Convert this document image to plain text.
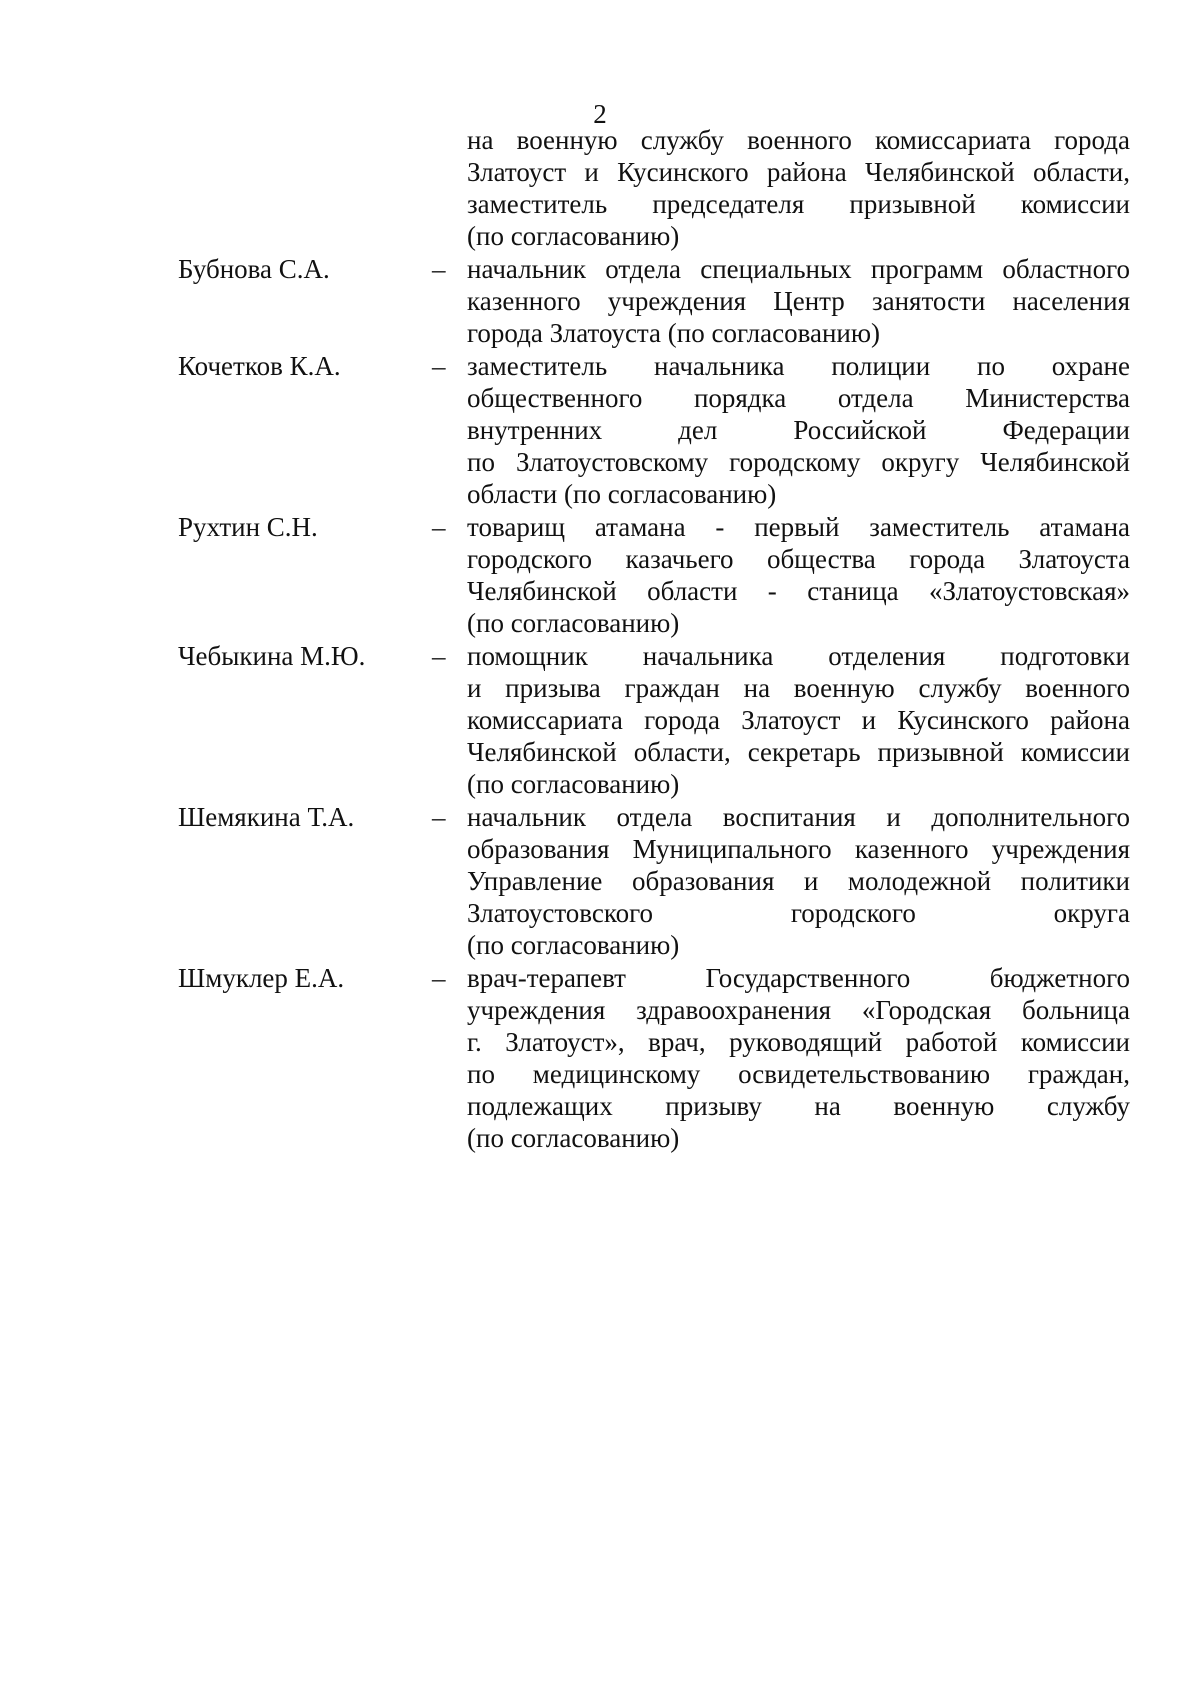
2
на военную службу военного комиссариата города
Златоуст и Кусинского района Челябинской области,
заместитель председателя призывной комиссии
(по согласованию)
Бубнова С.А.	– начальник отдела специальных программ областного
казенного учреждения Центр занятости населения
города Златоуста (по согласованию)
Кочетков К.А.	– заместитель начальника полиции по охране
общественного порядка отдела Министерства
внутренних дел Российской Федерации
по Златоустовскому городскому округу Челябинской
области (по согласованию)
Рухтин С.Н.	– товарищ атамана - первый заместитель атамана
городского казачьего общества города Златоуста
Челябинской области - станица «Златоустовская»
(по согласованию)
Чебыкина М.Ю. – помощник начальника отделения подготовки
и призыва граждан на военную службу военного
комиссариата города Златоуст и Кусинского района
Челябинской области, секретарь призывной комиссии
(по согласованию)
Шемякина Т.А.	– начальник отдела воспитания и дополнительного
образования Муниципального казенного учреждения
Управление образования и молодежной политики
Златоустовского городского округа
(по согласованию)
Шмуклер Е.А.	– врач-терапевт Государственного бюджетного
учреждения здравоохранения «Городская больница
г. Златоуст», врач, руководящий работой комиссии
по медицинскому освидетельствованию граждан,
подлежащих призыву на военную службу
(по согласованию)
